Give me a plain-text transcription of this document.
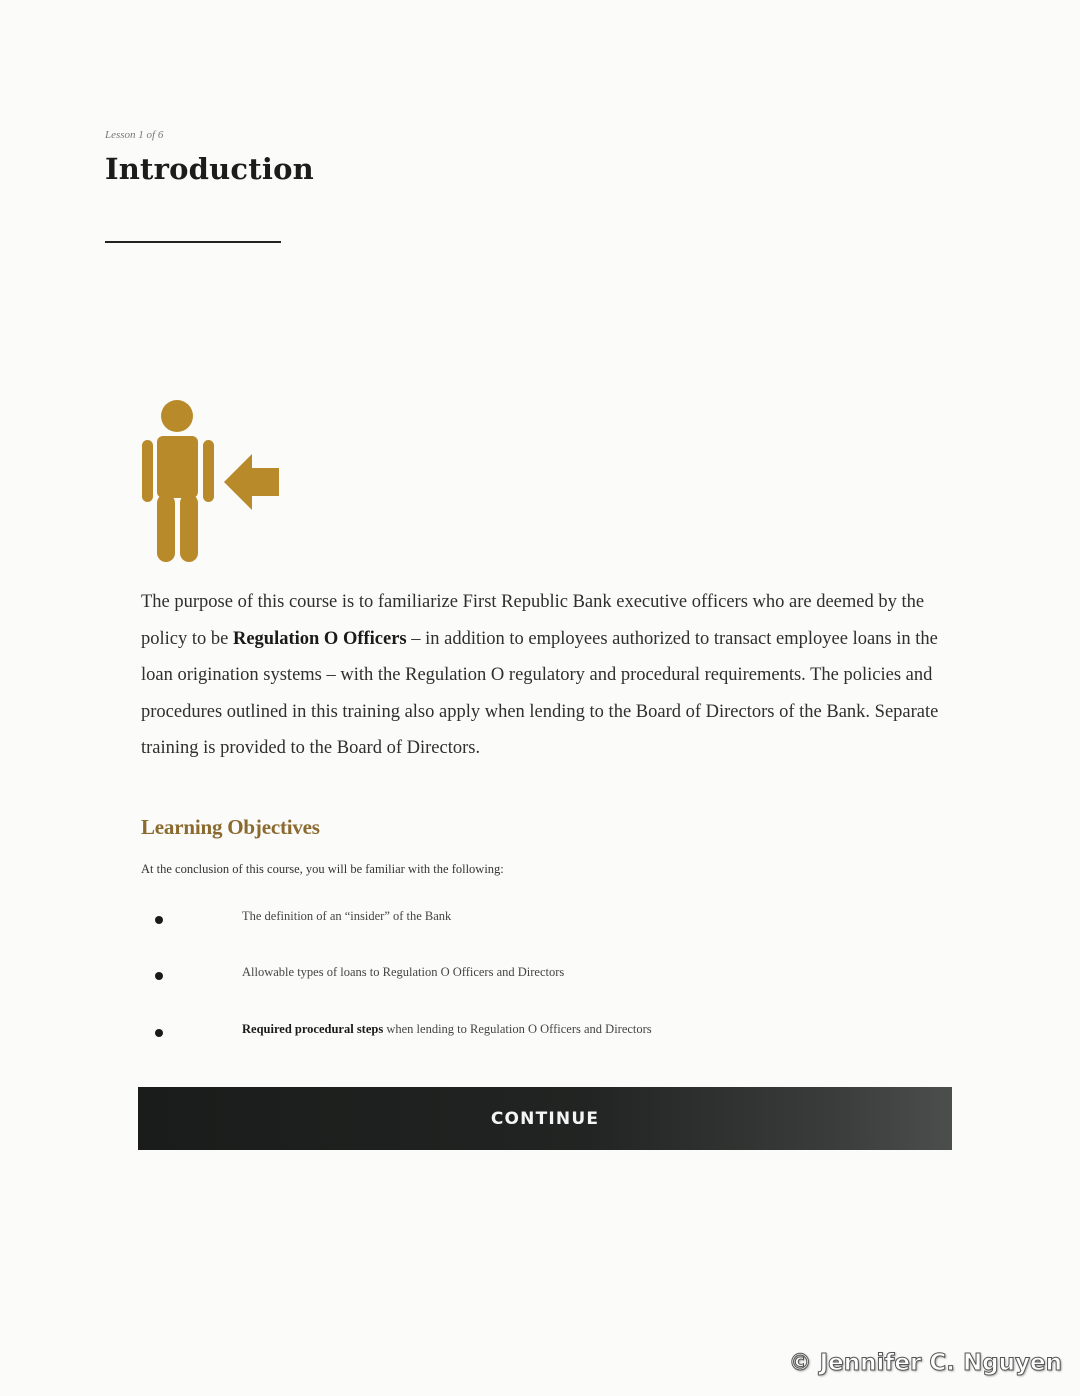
Lesson 1 of 6
Introduction
The purpose of this course is to familiarize First Republic Bank executive officers who are deemed by the policy to be Regulation O Officers – in addition to employees authorized to transact employee loans in the loan origination systems – with the Regulation O regulatory and procedural requirements. The policies and procedures outlined in this training also apply when lending to the Board of Directors of the Bank. Separate training is provided to the Board of Directors.
Learning Objectives
At the conclusion of this course, you will be familiar with the following:
The definition of an “insider” of the Bank
Allowable types of loans to Regulation O Officers and Directors
Required procedural steps when lending to Regulation O Officers and Directors
CONTINUE
© Jennifer C. Nguyen
